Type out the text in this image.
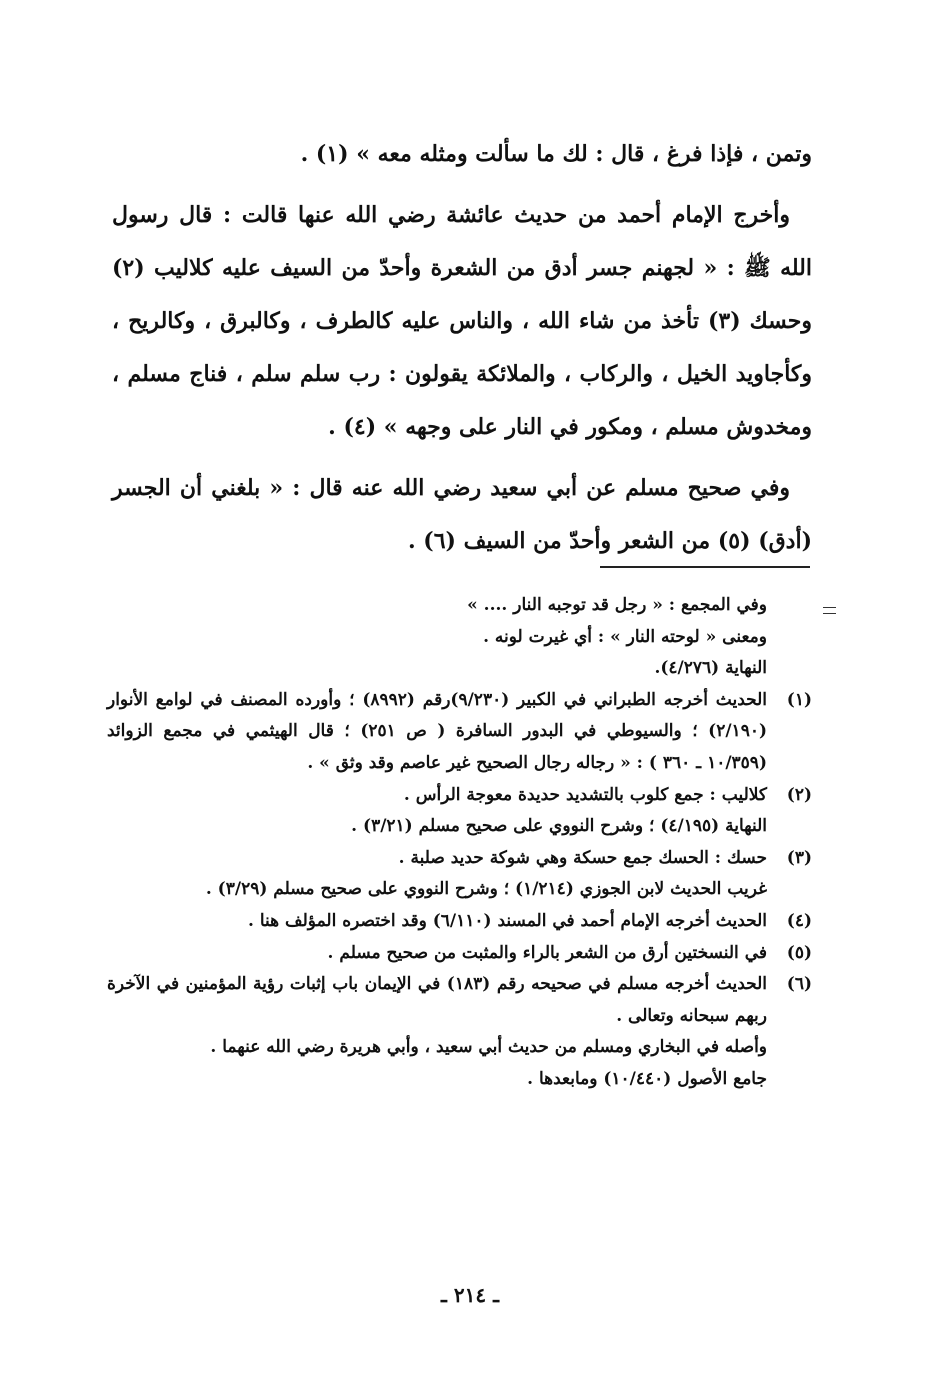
وتمن ، فإذا فرغ ، قال : لك ما سألت ومثله معه » (١) .

وأخرج الإمام أحمد من حديث عائشة رضي الله عنها قالت : قال رسول الله ﷺ : « لجهنم جسر أدق من الشعرة وأحدّ من السيف عليه كلاليب (٢) وحسك (٣) تأخذ من شاء الله ، والناس عليه كالطرف ، وكالبرق ، وكالريح ، وكأجاويد الخيل ، والركاب ، والملائكة يقولون : رب سلم سلم ، فناج مسلم ، ومخدوش مسلم ، ومكور في النار على وجهه » (٤) .

وفي صحيح مسلم عن أبي سعيد رضي الله عنه قال : « بلغني أن الجسر (أدق) (٥) من الشعر وأحدّ من السيف (٦) .

وفي المجمع : « رجل قد توجبه النار .... »

ومعنى « لوحته النار » : أي غيرت لونه .

النهاية (٤/٢٧٦).

(١)
الحديث أخرجه الطبراني في الكبير (٩/٢٣٠)رقم (٨٩٩٢) ؛ وأورده المصنف في لوامع الأنوار (٢/١٩٠) ؛ والسيوطي في البدور السافرة ( ص ٢٥١) ؛ قال الهيثمي في مجمع الزوائد (١٠/٣٥٩ ـ ٣٦٠ ) : « رجاله رجال الصحيح غير عاصم وقد وثق » .
(٢)
كلاليب : جمع كلوب بالتشديد حديدة معوجة الرأس .

النهاية (٤/١٩٥) ؛ وشرح النووي على صحيح مسلم (٣/٢١) .

(٣)
حسك : الحسك جمع حسكة وهي شوكة حديد صلبة .

غريب الحديث لابن الجوزي (١/٢١٤) ؛ وشرح النووي على صحيح مسلم (٣/٢٩) .

(٤)
الحديث أخرجه الإمام أحمد في المسند (٦/١١٠) وقد اختصره المؤلف هنا .
(٥)
في النسختين أرق من الشعر بالراء والمثبت من صحيح مسلم .
(٦)
الحديث أخرجه مسلم في صحيحه رقم (١٨٣) في الإيمان باب إثبات رؤية المؤمنين في الآخرة ربهم سبحانه وتعالى .

وأصله في البخاري ومسلم من حديث أبي سعيد ، وأبي هريرة رضي الله عنهما .

جامع الأصول (١٠/٤٤٠) ومابعدها .

ـ ٢١٤ ـ
